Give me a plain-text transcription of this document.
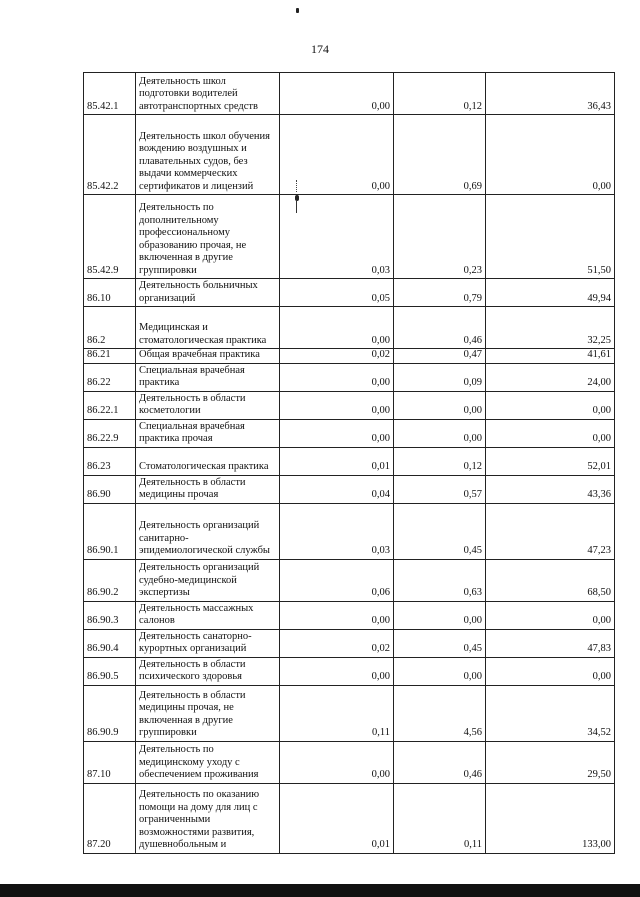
174
85.42.1	Деятельность школ подготовки водителей автотранспортных средств	0,00	0,12	36,43
85.42.2	Деятельность школ обучения вождению воздушных и плавательных судов, без выдачи коммерческих сертификатов и лицензий	0,00	0,69	0,00
85.42.9	Деятельность по дополнительному профессиональному образованию прочая, не включенная в другие группировки	0,03	0,23	51,50
86.10	Деятельность больничных организаций	0,05	0,79	49,94
86.2	Медицинская и стоматологическая практика	0,00	0,46	32,25
86.21	Общая врачебная практика	0,02	0,47	41,61
86.22	Специальная врачебная практика	0,00	0,09	24,00
86.22.1	Деятельность в области косметологии	0,00	0,00	0,00
86.22.9	Специальная врачебная практика прочая	0,00	0,00	0,00
86.23	Стоматологическая практика	0,01	0,12	52,01
86.90	Деятельность в области медицины прочая	0,04	0,57	43,36
86.90.1	Деятельность организаций санитарно-эпидемиологической службы	0,03	0,45	47,23
86.90.2	Деятельность организаций судебно-медицинской экспертизы	0,06	0,63	68,50
86.90.3	Деятельность массажных салонов	0,00	0,00	0,00
86.90.4	Деятельность санаторно-курортных организаций	0,02	0,45	47,83
86.90.5	Деятельность в области психического здоровья	0,00	0,00	0,00
86.90.9	Деятельность в области медицины прочая, не включенная в другие группировки	0,11	4,56	34,52
87.10	Деятельность по медицинскому уходу с обеспечением проживания	0,00	0,46	29,50
87.20	Деятельность по оказанию помощи на дому для лиц с ограниченными возможностями развития, душевнобольным и	0,01	0,11	133,00
